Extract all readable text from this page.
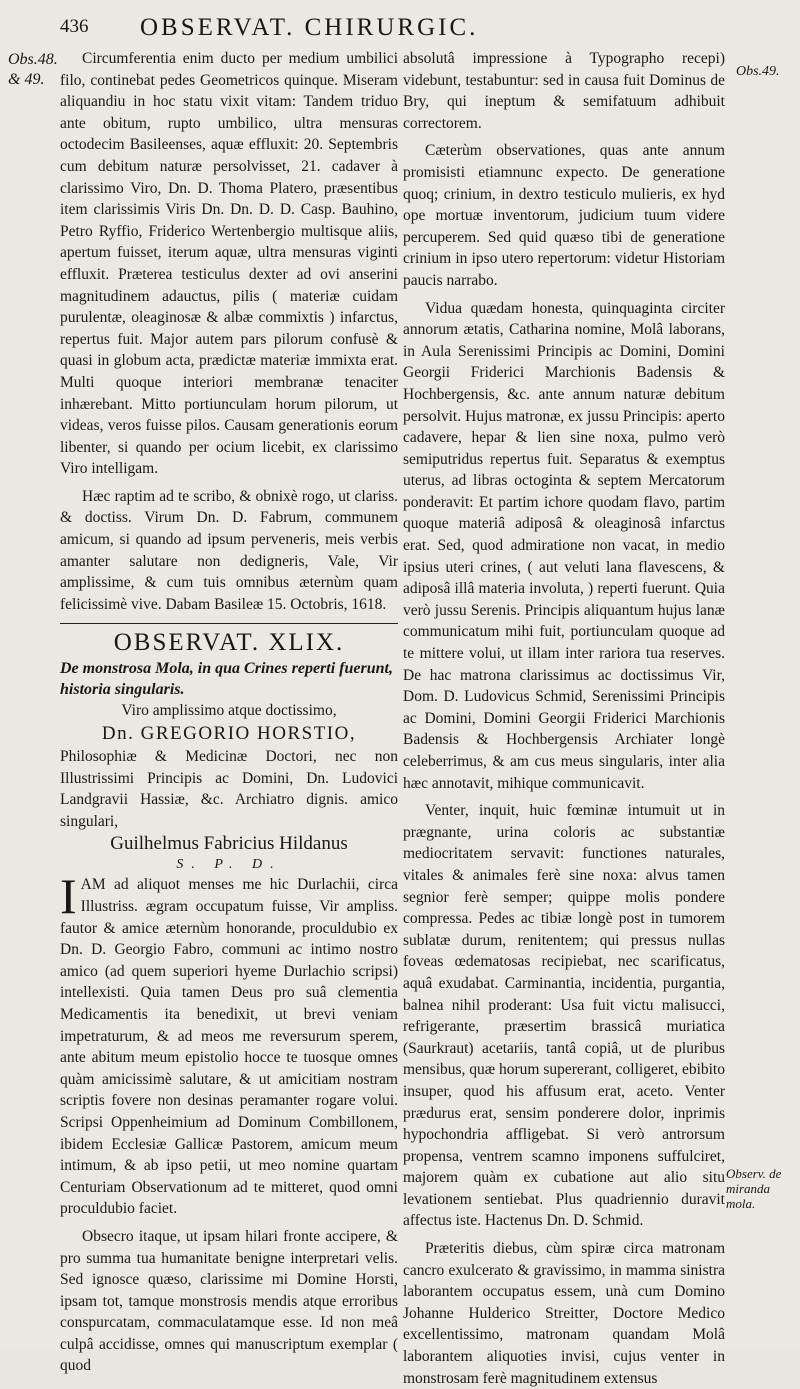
436 OBSERVAT. CHIRURGIC.
Obs.48. & 49.	Obs.49.
Observ. de miranda mola.

Circumferentia enim ducto per medium umbilici filo, continebat pedes Geometricos quinque. Miseram aliquandiu in hoc statu vixit vitam: Tandem triduo ante obitum, rupto umbilico, ultra mensuras octodecim Basileenses, aquæ effluxit: 20. Septembris cum debitum naturæ persolvisset, 21. cadaver à clarissimo Viro, Dn. D. Thoma Platero, præsentibus item clarissimis Viris Dn. Dn. D. D. Casp. Bauhino, Petro Ryffio, Friderico Wertenbergio multisque aliis, apertum fuisset, iterum aquæ, ultra mensuras viginti effluxit. Præterea testiculus dexter ad ovi anserini magnitudinem adauctus, pilis ( materiæ cuidam purulentæ, oleaginosæ & albæ commixtis ) infarctus, repertus fuit. Major autem pars pilorum confusè & quasi in globum acta, prædictæ materiæ immixta erat. Multi quoque interiori membranæ tenaciter inhærebant. Mitto portiunculam horum pilorum, ut videas, veros fuisse pilos. Causam generationis eorum libenter, si quando per ocium licebit, ex clarissimo Viro intelligam.

Hæc raptim ad te scribo, & obnixè rogo, ut clariss. & doctiss. Virum Dn. D. Fabrum, communem amicum, si quando ad ipsum perveneris, meis verbis amanter salutare non dedigneris, Vale, Vir amplissime, & cum tuis omnibus æternùm quam felicissimè vive. Dabam Basileæ 15. Octobris, 1618.

OBSERVAT. XLIX.
De monstrosa Mola, in qua Crines reperti fuerunt, historia singularis.
Viro amplissimo atque doctissimo,
Dn. GREGORIO HORSTIO,

Philosophiæ & Medicinæ Doctori, nec non Illustrissimi Principis ac Domini, Dn. Ludovici Landgravii Hassiæ, &c. Archiatro dignis. amico singulari,

Guilhelmus Fabricius Hildanus
S. P. D.

IAM ad aliquot menses me hic Durlachii, circa Illustriss. ægram occupatum fuisse, Vir ampliss. fautor & amice æternùm honorande, proculdubio ex Dn. D. Georgio Fabro, communi ac intimo nostro amico (ad quem superiori hyeme Durlachio scripsi) intellexisti. Quia tamen Deus pro suâ clementia Medicamentis ita benedixit, ut brevi veniam impetraturum, & ad meos me reversurum sperem, ante abitum meum epistolio hocce te tuosque omnes quàm amicissimè salutare, & ut amicitiam nostram scriptis fovere non desinas peramanter rogare volui. Scripsi Oppenheimium ad Dominum Combillonem, ibidem Ecclesiæ Gallicæ Pastorem, amicum meum intimum, & ab ipso petii, ut meo nomine quartam Centuriam Observationum ad te mitteret, quod omni proculdubio faciet.

Obsecro itaque, ut ipsam hilari fronte accipere, & pro summa tua humanitate benigne interpretari velis. Sed ignosce quæso, clarissime mi Domine Horsti, ipsam tot, tamque monstrosis mendis atque erroribus conspurcatam, commaculatamque esse. Id non meâ culpâ accidisse, omnes qui manuscriptum exemplar ( quod

absolutâ impressione à Typographo recepi) videbunt, testabuntur: sed in causa fuit Dominus de Bry, qui ineptum & semifatuum adhibuit correctorem.

Cæterùm observationes, quas ante annum promisisti etiamnunc expecto. De generatione quoq; crinium, in dextro testiculo mulieris, ex hyd ope mortuæ inventorum, judicium tuum videre percuperem. Sed quid quæso tibi de generatione crinium in ipso utero repertorum: videtur Historiam paucis narrabo.

Vidua quædam honesta, quinquaginta circiter annorum ætatis, Catharina nomine, Molâ laborans, in Aula Serenissimi Principis ac Domini, Domini Georgii Friderici Marchionis Badensis & Hochbergensis, &c. ante annum naturæ debitum persolvit. Hujus matronæ, ex jussu Principis: aperto cadavere, hepar & lien sine noxa, pulmo verò semiputridus repertus fuit. Separatus & exemptus uterus, ad libras octoginta & septem Mercatorum ponderavit: Et partim ichore quodam flavo, partim quoque materiâ adiposâ & oleaginosâ infarctus erat. Sed, quod admiratione non vacat, in medio ipsius uteri crines, ( aut veluti lana flavescens, & adiposâ illâ materia involuta, ) reperti fuerunt. Quia verò jussu Serenis. Principis aliquantum hujus lanæ communicatum mihi fuit, portiunculam quoque ad te mittere volui, ut illam inter rariora tua reserves. De hac matrona clarissimus ac doctissimus Vir, Dom. D. Ludovicus Schmid, Serenissimi Principis ac Domini, Domini Georgii Friderici Marchionis Badensis & Hochbergensis Archiater longè celeberrimus, & am cus meus singularis, inter alia hæc annotavit, mihique communicavit.

Venter, inquit, huic fœminæ intumuit ut in prægnante, urina coloris ac substantiæ mediocritatem servavit: functiones naturales, vitales & animales ferè sine noxa: alvus tamen segnior ferè semper; quippe molis pondere compressa. Pedes ac tibiæ longè post in tumorem sublatæ durum, renitentem; qui pressus nullas foveas œdematosas recipiebat, nec scarificatus, aquâ exudabat. Carminantia, incidentia, purgantia, balnea nihil proderant: Usa fuit victu malisucci, refrigerante, præsertim brassicâ muriatica (Saurkraut) acetariis, tantâ copiâ, ut de pluribus mensibus, quæ horum supererant, colligeret, ebibito insuper, quod his affusum erat, aceto. Venter prædurus erat, sensim ponderere dolor, inprimis hypochondria affligebat. Si verò antrorsum propensa, ventrem scamno imponens suffulciret, majorem quàm ex cubatione aut alio situ levationem sentiebat. Plus quadriennio duravit affectus iste. Hactenus Dn. D. Schmid.

Præteritis diebus, cùm spiræ circa matronam cancro exulcerato & gravissimo, in mamma sinistra laborantem occupatus essem, unà cum Domino Johanne Hulderico Streitter, Doctore Medico excellentissimo, matronam quandam Molâ laborantem aliquoties invisi, cujus venter in monstrosam ferè magnitudinem extensus
